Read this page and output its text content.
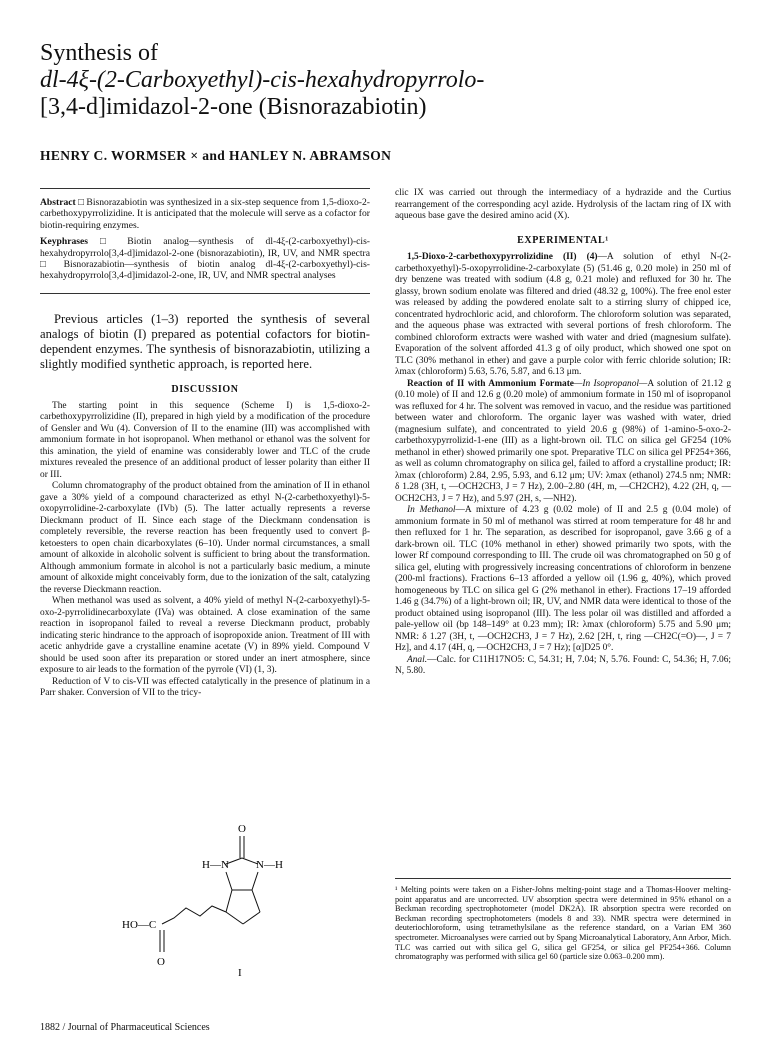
Synthesis of
dl-4ξ-(2-Carboxyethyl)-cis-hexahydropyrrolo-
[3,4-d]imidazol-2-one (Bisnorazabiotin)
HENRY C. WORMSER × and HANLEY N. ABRAMSON

Abstract □ Bisnorazabiotin was synthesized in a six-step sequence from 1,5-dioxo-2-carbethoxypyrrolizidine. It is anticipated that the molecule will serve as a cofactor for biotin-requiring enzymes.

Keyphrases □ Biotin analog—synthesis of dl-4ξ-(2-carboxyethyl)-cis-hexahydropyrrolo[3,4-d]imidazol-2-one (bisnorazabiotin), IR, UV, and NMR spectra □ Bisnorazabiotin—synthesis of biotin analog dl-4ξ-(2-carboxyethyl)-cis-hexahydropyrrolo[3,4-d]imidazol-2-one, IR, UV, and NMR spectral analyses

Previous articles (1–3) reported the synthesis of several analogs of biotin (I) prepared as potential cofactors for biotin-dependent enzymes. The synthesis of bisnorazabiotin, utilizing a slightly modified synthetic approach, is reported here.
DISCUSSION

The starting point in this sequence (Scheme I) is 1,5-dioxo-2-carbethoxypyrrolizidine (II), prepared in high yield by a modification of the procedure of Gensler and Wu (4). Conversion of II to the enamine (III) was accomplished with ammonium formate in hot isopropanol. When methanol or ethanol was the solvent for this amination, the yield of enamine was considerably lower and TLC of the crude mixtures revealed the presence of an additional product of lesser polarity than either II or III.

Column chromatography of the product obtained from the amination of II in ethanol gave a 30% yield of a compound characterized as ethyl N-(2-carbethoxyethyl)-5-oxopyrrolidine-2-carboxylate (IVb) (5). The latter actually represents a reverse Dieckmann product of II. Since each stage of the Dieckmann condensation is completely reversible, the reverse reaction has been frequently used to convert β-ketoesters to open chain dicarboxylates (6–10). Under normal circumstances, a small amount of alkoxide in alcoholic solvent is sufficient to bring about the transformation. Although ammonium formate in alcohol is not a particularly basic medium, a minute amount of alkoxide might conceivably form, due to the ionization of the salt, catalyzing the reverse Dieckmann reaction.

When methanol was used as solvent, a 40% yield of methyl N-(2-carboxyethyl)-5-oxo-2-pyrrolidinecarboxylate (IVa) was obtained. A close examination of the same reaction in isopropanol failed to reveal a reverse Dieckmann product, probably indicating steric hindrance to the approach of isopropoxide anion. Treatment of III with acetic anhydride gave a crystalline enamine acetate (V) in 89% yield. Compound V should be used soon after its preparation or stored under an inert atmosphere, since exposure to air leads to the formation of the pyrrole (VI) (1, 3).

Reduction of V to cis-VII was effected catalytically in the presence of platinum in a Parr shaker. Conversion of VII to the tricy-

clic IX was carried out through the intermediacy of a hydrazide and the Curtius rearrangement of the corresponding acyl azide. Hydrolysis of the lactam ring of IX with aqueous base gave the desired amino acid (X).

EXPERIMENTAL¹

1,5-Dioxo-2-carbethoxypyrrolizidine (II) (4)—A solution of ethyl N-(2-carbethoxyethyl)-5-oxopyrrolidine-2-carboxylate (5) (51.46 g, 0.20 mole) in 250 ml of dry benzene was treated with sodium (4.8 g, 0.21 mole) and refluxed for 30 hr. The glassy, brown sodium enolate was filtered and dried (48.32 g, 100%). The free enol ester was released by adding the powdered enolate salt to a stirring slurry of chipped ice, concentrated hydrochloric acid, and chloroform. The chloroform solution was separated, and the aqueous phase was extracted with several portions of fresh chloroform. The combined chloroform extracts were washed with water and dried (magnesium sulfate). Evaporation of the solvent afforded 41.3 g of oily product, which showed one spot on TLC (30% methanol in ether) and gave a purple color with ferric chloride solution; IR: λmax (chloroform) 5.63, 5.76, 5.87, and 6.13 μm.

Reaction of II with Ammonium Formate—In Isopropanol—A solution of 21.12 g (0.10 mole) of II and 12.6 g (0.20 mole) of ammonium formate in 150 ml of isopropanol was refluxed for 4 hr. The solvent was removed in vacuo, and the residue was partitioned between water and chloroform. The organic layer was washed with water, dried (magnesium sulfate), and concentrated to yield 20.6 g (98%) of 1-amino-5-oxo-2-carbethoxypyrrolizid-1-ene (III) as a light-brown oil. TLC on silica gel GF254 (10% methanol in ether) showed primarily one spot. Preparative TLC on silica gel PF254+366, as well as column chromatography on silica gel, failed to afford a crystalline product; IR: λmax (chloroform) 2.84, 2.95, 5.93, and 6.12 μm; UV: λmax (ethanol) 274.5 nm; NMR: δ 1.28 (3H, t, —OCH2CH3, J = 7 Hz), 2.00–2.80 (4H, m, —CH2CH2), 4.22 (2H, q, —OCH2CH3, J = 7 Hz), and 5.97 (2H, s, —NH2).

In Methanol—A mixture of 4.23 g (0.02 mole) of II and 2.5 g (0.04 mole) of ammonium formate in 50 ml of methanol was stirred at room temperature for 48 hr and then refluxed for 1 hr. The separation, as described for isopropanol, gave 3.66 g of a dark-brown oil. TLC (10% methanol in ether) showed primarily two spots, with the lower Rf compound corresponding to III. The crude oil was chromatographed on 50 g of silica gel, eluting with progressively increasing concentrations of chloroform in benzene (200-ml fractions). Fractions 6–13 afforded a yellow oil (1.96 g, 40%), which proved homogeneous by TLC on silica gel G (2% methanol in ether). Fractions 17–19 afforded 1.46 g (34.7%) of a light-brown oil; IR, UV, and NMR data were identical to those of the product obtained using isopropanol (III). The less polar oil was distilled and afforded a pale-yellow oil (bp 148–149° at 0.23 mm); IR: λmax (chloroform) 5.75 and 5.90 μm; NMR: δ 1.27 (3H, t, —OCH2CH3, J = 7 Hz), 2.62 [2H, t, ring —CH2C(=O)—, J = 7 Hz], and 4.17 (4H, q, —OCH2CH3, J = 7 Hz); [α]D25 0°.

Anal.—Calc. for C11H17NO5: C, 54.31; H, 7.04; N, 5.76. Found: C, 54.36; H, 7.06; N, 5.80.

O
H—N N—H
HO—C
O
I
¹ Melting points were taken on a Fisher-Johns melting-point stage and a Thomas-Hoover melting-point apparatus and are uncorrected. UV absorption spectra were determined in 95% ethanol on a Beckman recording spectrophotometer (model DK2A). IR absorption spectra were recorded on Beckman recording spectrophotometers (models 8 and 33). NMR spectra were determined in deuteriochloroform, using tetramethylsilane as the reference standard, on a Varian EM 360 spectrometer. Microanalyses were carried out by Spang Microanalytical Laboratory, Ann Arbor, Mich. TLC was carried out with silica gel G, silica gel GF254, or silica gel PF254+366. Column chromatography was performed with silica gel 60 (particle size 0.063–0.200 mm).
1882 / Journal of Pharmaceutical Sciences
